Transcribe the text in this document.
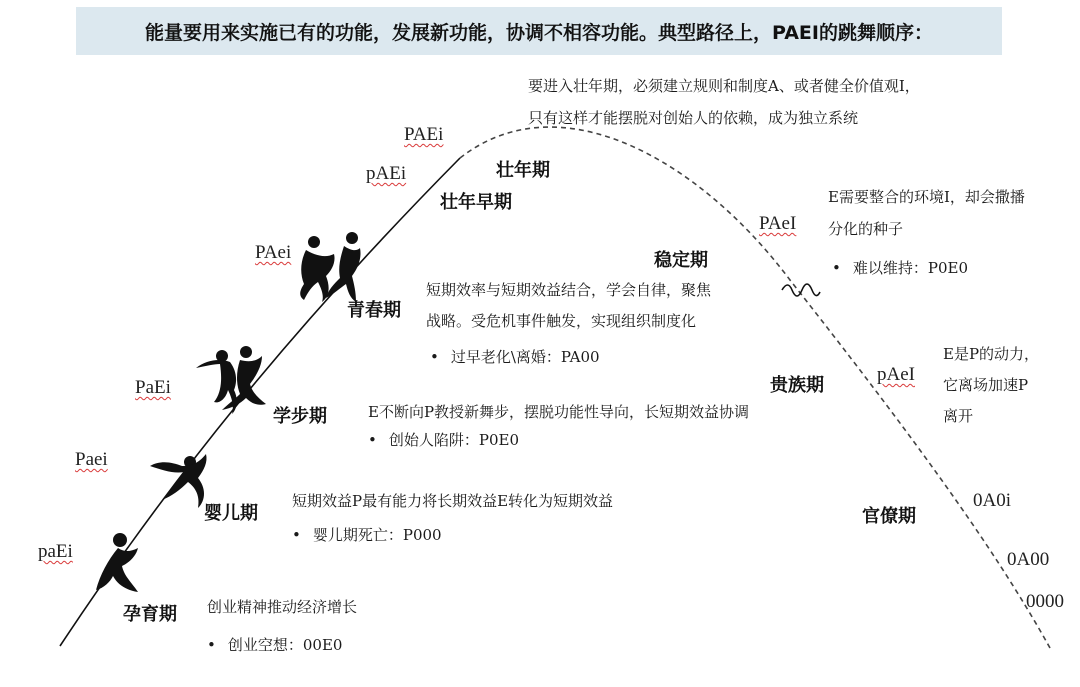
能量要用来实施已有的功能，发展新功能，协调不相容功能。典型路径上，PAEI的跳舞顺序：
要进入壮年期，必须建立规则和制度A、或者健全价值观I，
只有这样才能摆脱对创始人的依赖，成为独立系统
paEi
Paei
PaEi
PAei
pAEi
PAEi
PAeI
pAeI
0A0i
0A00
0000
孕育期
婴儿期
学步期
青春期
壮年早期
壮年期
稳定期
贵族期
官僚期
创业精神推动经济增长
短期效益P最有能力将长期效益E转化为短期效益
E不断向P教授新舞步，摆脱功能性导向，长短期效益协调
短期效率与短期效益结合，学会自律，聚焦
战略。受危机事件触发，实现组织制度化
E需要整合的环境I，却会撒播
分化的种子
E是P的动力，
它离场加速P
离开
• 创业空想：00E0
• 婴儿期死亡：P000
• 创始人陷阱：P0E0
• 过早老化\离婚：PA00
• 难以维持：P0E0
